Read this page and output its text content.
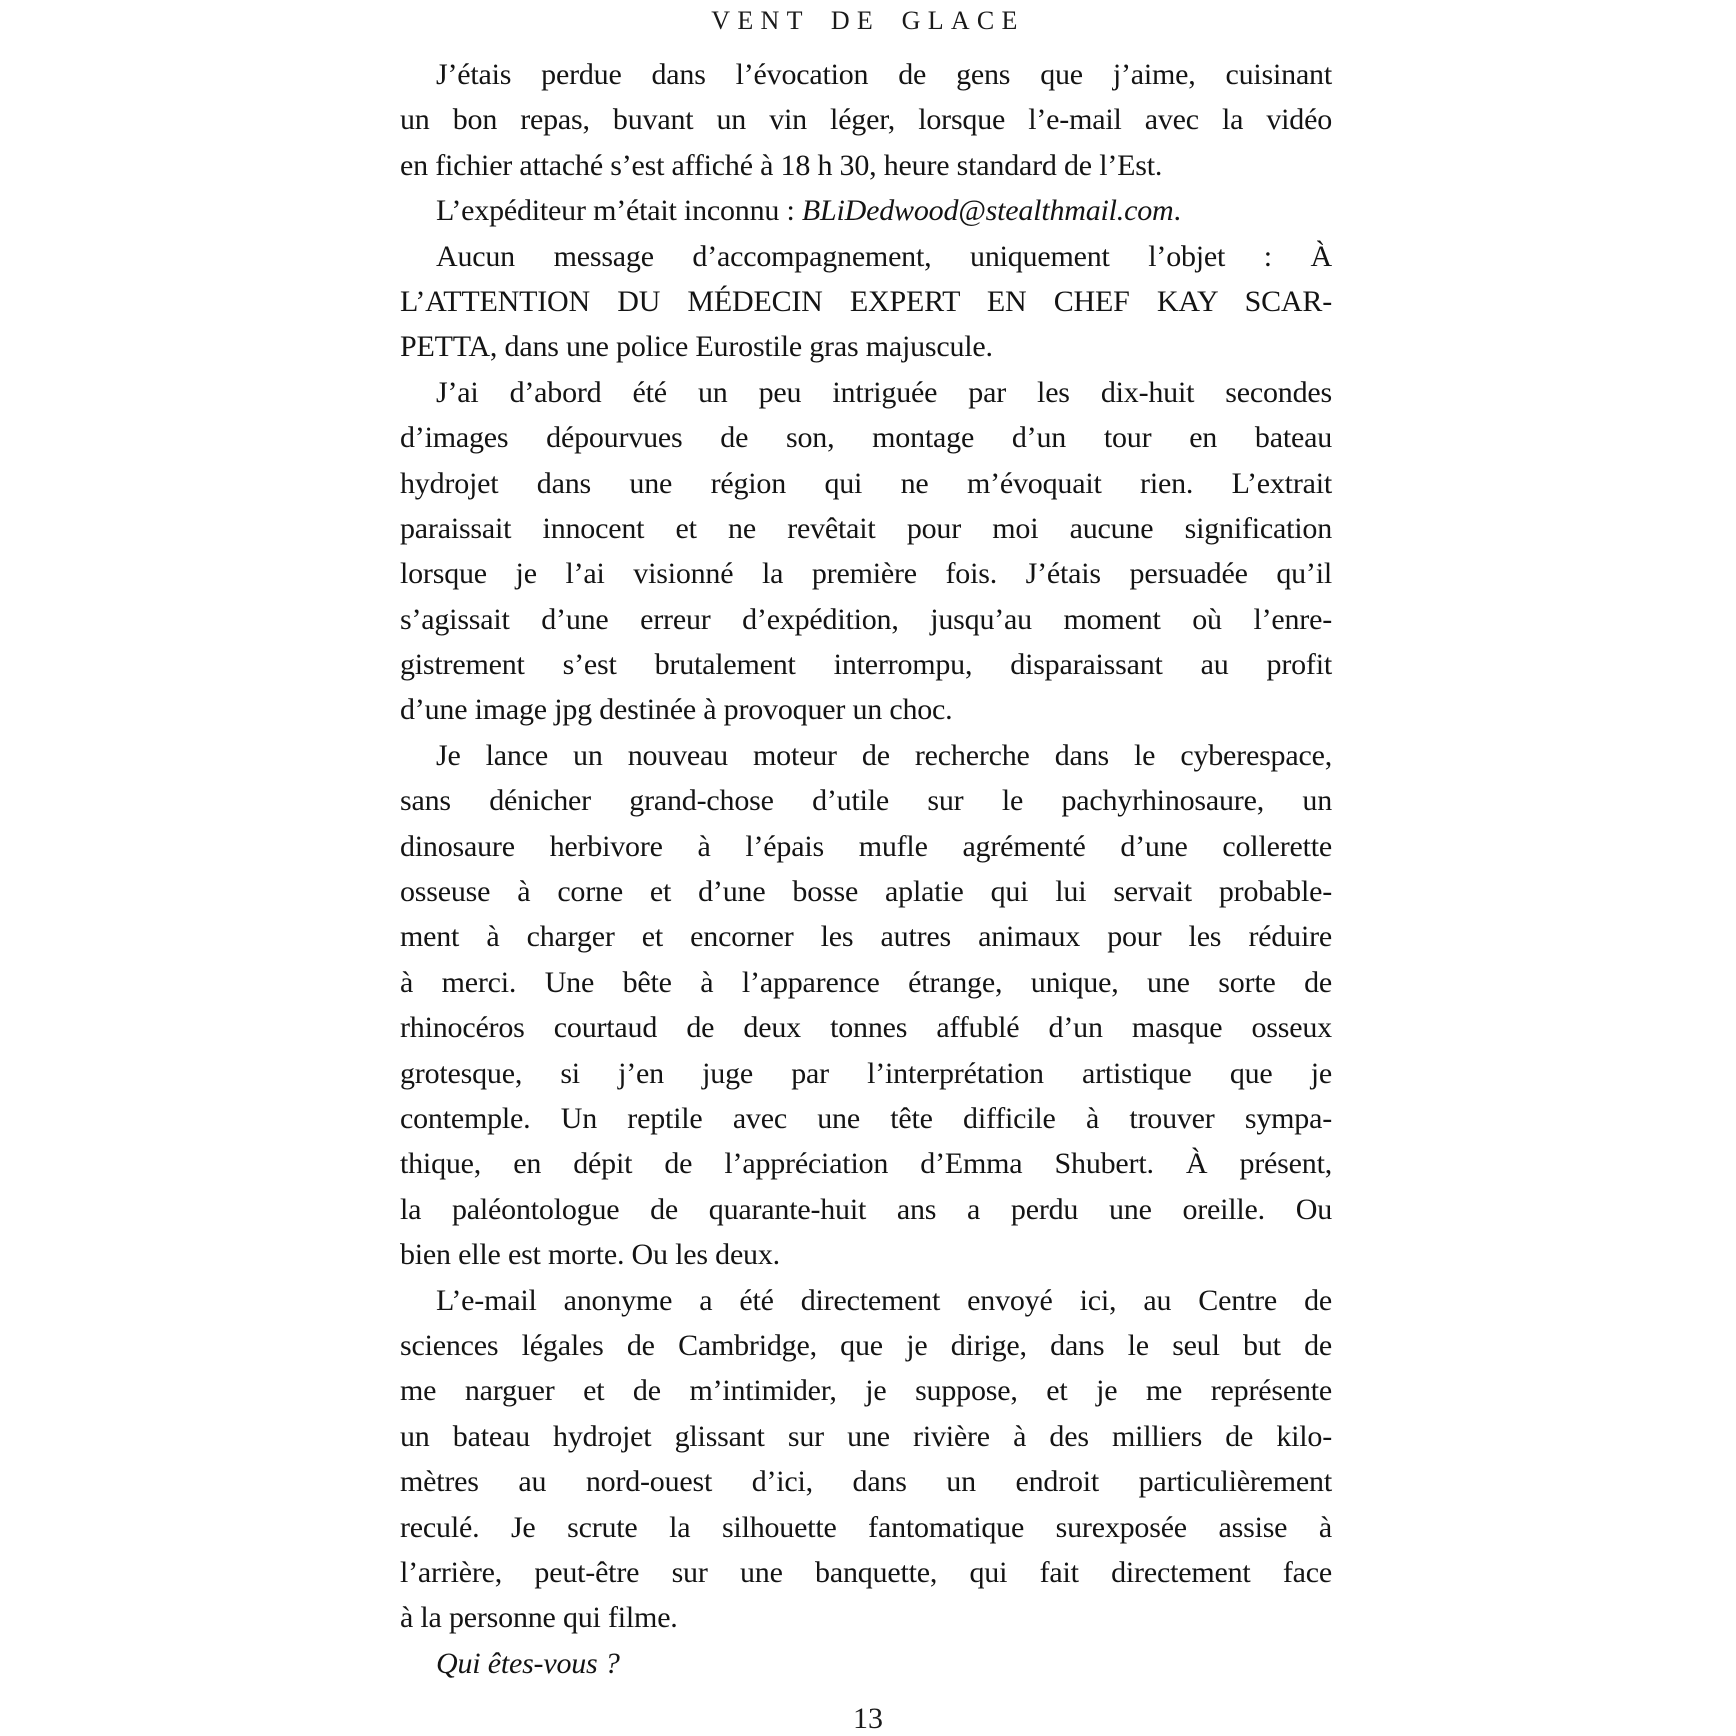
VENT DE GLACE
J’étais perdue dans l’évocation de gens que j’aime, cuisinant
un bon repas, buvant un vin léger, lorsque l’e-mail avec la vidéo
en fichier attaché s’est affiché à 18 h 30, heure standard de l’Est.
L’expéditeur m’était inconnu : BLiDedwood@stealthmail.com.
Aucun message d’accompagnement, uniquement l’objet : À
L’ATTENTION DU MÉDECIN EXPERT EN CHEF KAY SCAR-
PETTA, dans une police Eurostile gras majuscule.
J’ai d’abord été un peu intriguée par les dix-huit secondes
d’images dépourvues de son, montage d’un tour en bateau
hydrojet dans une région qui ne m’évoquait rien. L’extrait
paraissait innocent et ne revêtait pour moi aucune signification
lorsque je l’ai visionné la première fois. J’étais persuadée qu’il
s’agissait d’une erreur d’expédition, jusqu’au moment où l’enre-
gistrement s’est brutalement interrompu, disparaissant au profit
d’une image jpg destinée à provoquer un choc.
Je lance un nouveau moteur de recherche dans le cyberespace,
sans dénicher grand-chose d’utile sur le pachyrhinosaure, un
dinosaure herbivore à l’épais mufle agrémenté d’une collerette
osseuse à corne et d’une bosse aplatie qui lui servait probable-
ment à charger et encorner les autres animaux pour les réduire
à merci. Une bête à l’apparence étrange, unique, une sorte de
rhinocéros courtaud de deux tonnes affublé d’un masque osseux
grotesque, si j’en juge par l’interprétation artistique que je
contemple. Un reptile avec une tête difficile à trouver sympa-
thique, en dépit de l’appréciation d’Emma Shubert. À présent,
la paléontologue de quarante-huit ans a perdu une oreille. Ou
bien elle est morte. Ou les deux.
L’e-mail anonyme a été directement envoyé ici, au Centre de
sciences légales de Cambridge, que je dirige, dans le seul but de
me narguer et de m’intimider, je suppose, et je me représente
un bateau hydrojet glissant sur une rivière à des milliers de kilo-
mètres au nord-ouest d’ici, dans un endroit particulièrement
reculé. Je scrute la silhouette fantomatique surexposée assise à
l’arrière, peut-être sur une banquette, qui fait directement face
à la personne qui filme.
Qui êtes-vous ?
13
